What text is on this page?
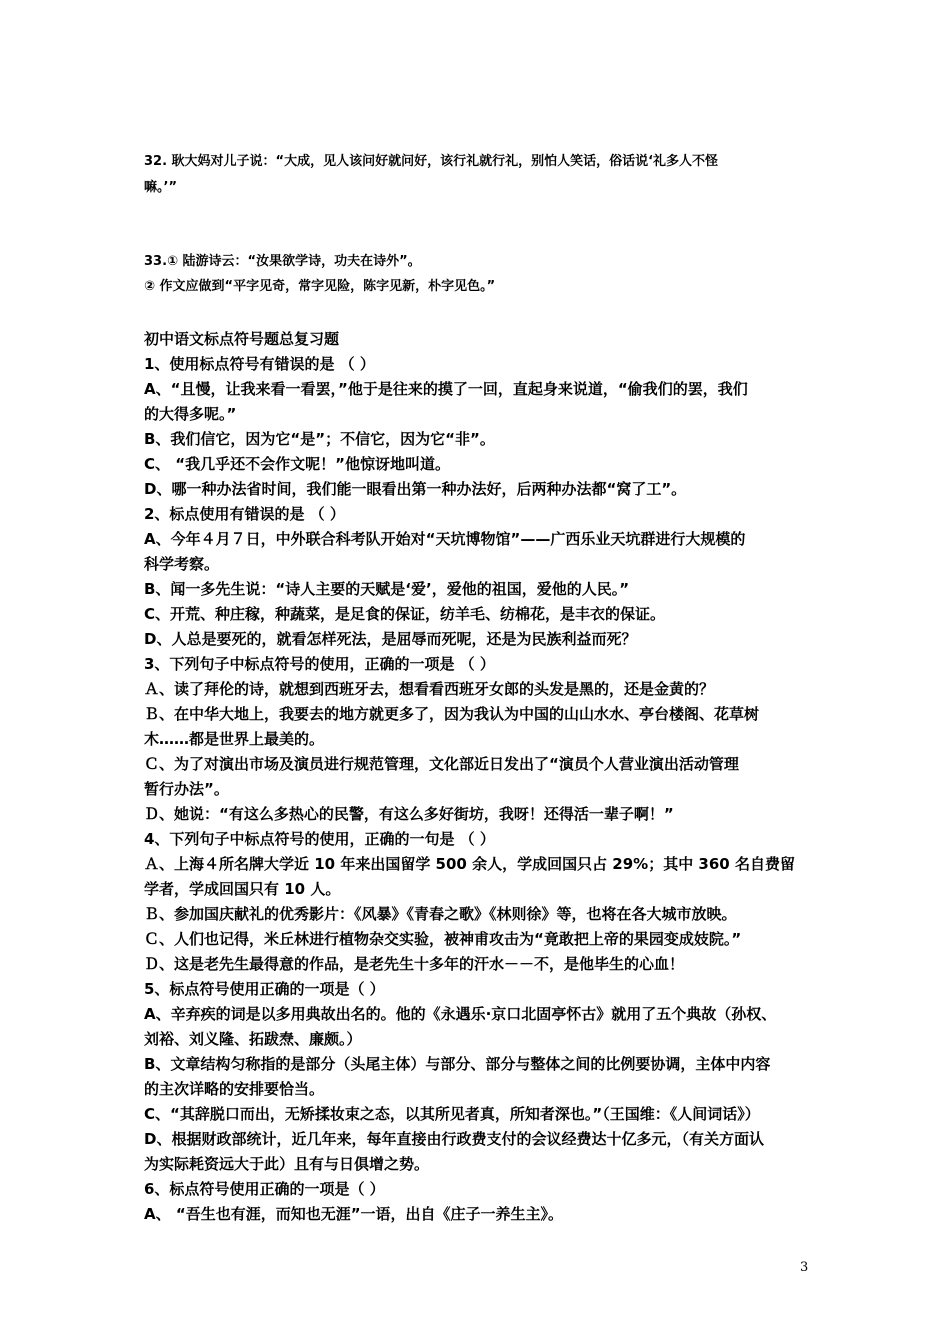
32. 耿大妈对儿子说：“大成，见人该问好就问好，该行礼就行礼，别怕人笑话，俗话说‘礼多人不怪
嘛。’”
33.① 陆游诗云：“汝果欲学诗，功夫在诗外”。
② 作文应做到“平字见奇，常字见险，陈字见新，朴字见色。”
初中语文标点符号题总复习题
1、使用标点符号有错误的是 （ ）
A、“且慢，让我来看一看罢，”他于是往来的摸了一回，直起身来说道，“偷我们的罢，我们
的大得多呢。”
B、我们信它，因为它“是”；不信它，因为它“非”。
C、 “我几乎还不会作文呢！”他惊讶地叫道。
D、哪一种办法省时间，我们能一眼看出第一种办法好，后两种办法都“窝了工”。
2、标点使用有错误的是 （ ）
A、今年４月７日，中外联合科考队开始对“天坑博物馆”——广西乐业天坑群进行大规模的
科学考察。
B、闻一多先生说：“诗人主要的天赋是‘爱’，爱他的祖国，爱他的人民。”
C、开荒、种庄稼，种蔬菜，是足食的保证，纺羊毛、纺棉花，是丰衣的保证。
D、人总是要死的，就看怎样死法，是屈辱而死呢，还是为民族利益而死？
3、下列句子中标点符号的使用，正确的一项是 （ ）
Ａ、读了拜伦的诗，就想到西班牙去，想看看西班牙女郎的头发是黑的，还是金黄的？
Ｂ、在中华大地上，我要去的地方就更多了，因为我认为中国的山山水水、亭台楼阁、花草树
木……都是世界上最美的。
Ｃ、为了对演出市场及演员进行规范管理，文化部近日发出了“演员个人营业演出活动管理
暂行办法”。
Ｄ、她说：“有这么多热心的民警，有这么多好街坊，我呀！还得活一辈子啊！”
4、下列句子中标点符号的使用，正确的一句是 （ ）
Ａ、上海４所名牌大学近 10 年来出国留学 500 余人，学成回国只占 29%；其中 360 名自费留
学者，学成回国只有 10 人。
Ｂ、参加国庆献礼的优秀影片：《风暴》《青春之歌》《林则徐》等，也将在各大城市放映。
Ｃ、人们也记得，米丘林进行植物杂交实验，被神甫攻击为“竟敢把上帝的果园变成妓院。”
Ｄ、这是老先生最得意的作品，是老先生十多年的汗水－－不，是他毕生的心血！
5、标点符号使用正确的一项是（ ）
A、辛弃疾的词是以多用典故出名的。他的《永遇乐·京口北固亭怀古》就用了五个典故（孙权、
刘裕、刘义隆、拓跋焘、廉颇。）
B、文章结构匀称指的是部分（头尾主体）与部分、部分与整体之间的比例要协调，主体中内容
的主次详略的安排要恰当。
C、“其辞脱口而出，无矫揉妆束之态，以其所见者真，所知者深也。”（王国维：《人间词话》）
D、根据财政部统计，近几年来，每年直接由行政费支付的会议经费达十亿多元，（有关方面认
为实际耗资远大于此）且有与日俱增之势。
6、标点符号使用正确的一项是（ ）
A、 “吾生也有涯，而知也无涯”一语，出自《庄子一养生主》。
3
